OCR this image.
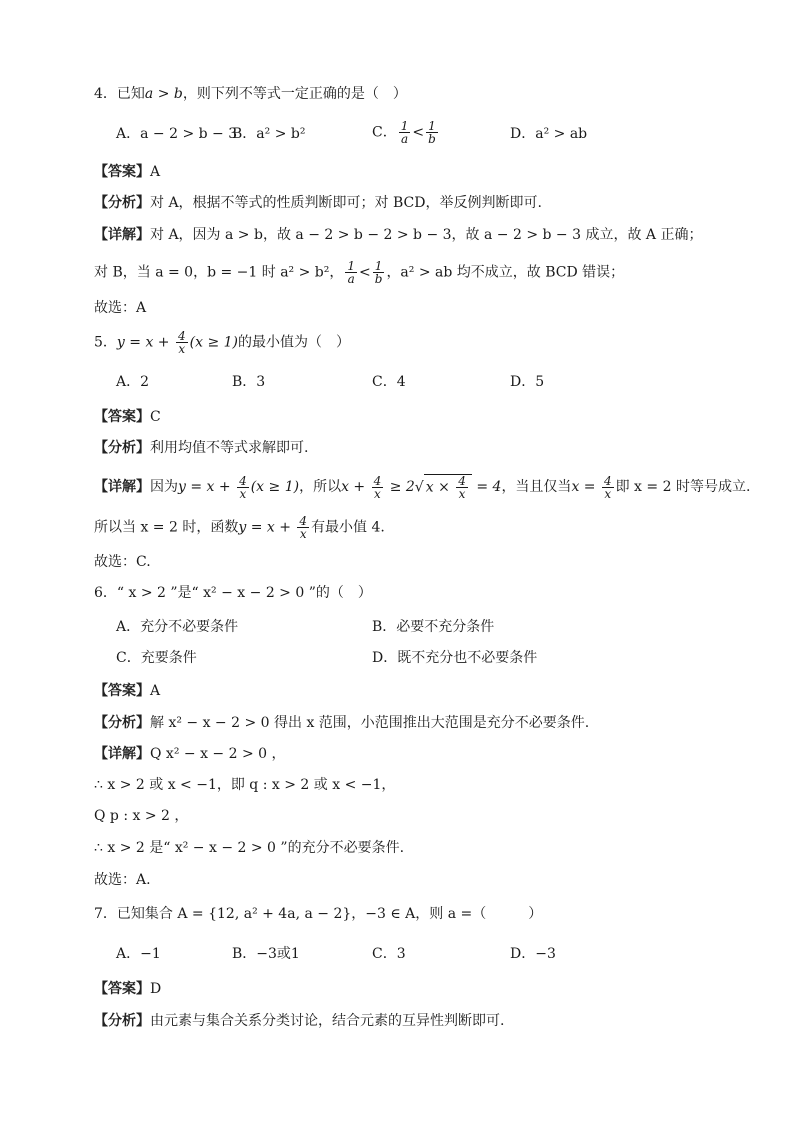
4．已知a > b，则下列不等式一定正确的是（　）
A．a − 2 > b − 3
B．a² > b²	C． $\frac{1}{a} < \frac{1}{b}$	D．a² > ab
【答案】A
【分析】对 A，根据不等式的性质判断即可；对 BCD，举反例判断即可.
【详解】对 A，因为 a > b，故 a − 2 > b − 2 > b − 3，故 a − 2 > b − 3 成立，故 A 正确；
对 B，当 a = 0，b = −1 时 a² > b²， $\frac{1}{a} < \frac{1}{b}$ ，a² > ab 均不成立，故 BCD 错误；
故选：A
5．$y = x + \frac{4}{x} (x \ge 1)$的最小值为（　）
A．2	B．3	C．4	D．5
【答案】C
【分析】利用均值不等式求解即可.
【详解】因为$y = x + \frac{4}{x} (x \ge 1)$，所以$x + \frac{4}{x} \ge 2√$ $x \times \frac{4}{x} = 4$，当且仅当$x = \frac{4}{x}$ 即 x = 2 时等号成立.
所以当 x = 2 时，函数$y = x + \frac{4}{x}$ 有最小值 4.
故选：C.
6．“ x > 2 ”是“ x² − x − 2 > 0 ”的（　）
A．充分不必要条件	B．必要不充分条件
C．充要条件	D．既不充分也不必要条件
【答案】A
【分析】解 x² − x − 2 > 0 得出 x 范围，小范围推出大范围是充分不必要条件.
【详解】Q x² − x − 2 > 0 ，
∴ x > 2 或 x < −1，即 q : x > 2 或 x < −1，
Q p : x > 2 ，
∴ x > 2 是“ x² − x − 2 > 0 ”的充分不必要条件.
故选：A.
7．已知集合 A = {12, a² + 4a, a − 2}，−3 ∈ A，则 a =（　　　）
A．−1	B．−3或1	C．3	D．−3
【答案】D
【分析】由元素与集合关系分类讨论，结合元素的互异性判断即可.
